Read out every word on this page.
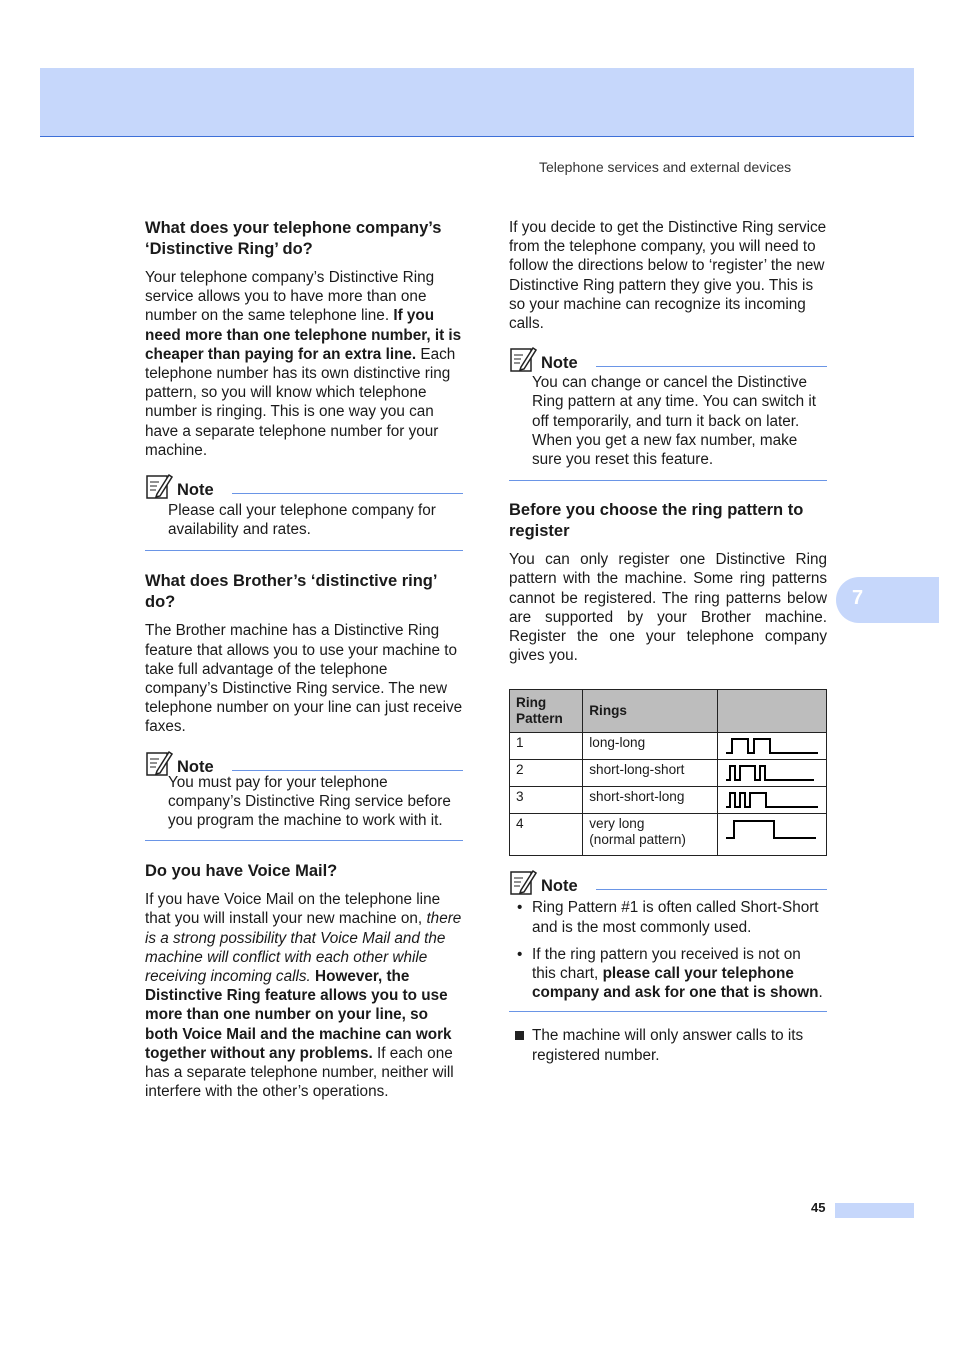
Telephone services and external devices
7
What does your telephone company’s ‘Distinctive Ring’ do?

Your telephone company’s Distinctive Ring service allows you to have more than one number on the same telephone line. If you need more than one telephone number, it is cheaper than paying for an extra line. Each telephone number has its own distinctive ring pattern, so you will know which telephone number is ringing. This is one way you can have a separate telephone number for your machine.

Note
Please call your telephone company for availability and rates.
What does Brother’s ‘distinctive ring’ do?

The Brother machine has a Distinctive Ring feature that allows you to use your machine to take full advantage of the telephone company’s Distinctive Ring service. The new telephone number on your line can just receive faxes.

Note
You must pay for your telephone company’s Distinctive Ring service before you program the machine to work with it.
Do you have Voice Mail?

If you have Voice Mail on the telephone line that you will install your new machine on, there is a strong possibility that Voice Mail and the machine will conflict with each other while receiving incoming calls. However, the Distinctive Ring feature allows you to use more than one number on your line, so both Voice Mail and the machine can work together without any problems. If each one has a separate telephone number, neither will interfere with the other’s operations.

If you decide to get the Distinctive Ring service from the telephone company, you will need to follow the directions below to ‘register’ the new Distinctive Ring pattern they give you. This is so your machine can recognize its incoming calls.

Note
You can change or cancel the Distinctive Ring pattern at any time. You can switch it off temporarily, and turn it back on later. When you get a new fax number, make sure you reset this feature.
Before you choose the ring pattern to register

You can only register one Distinctive Ring pattern with the machine. Some ring patterns cannot be registered. The ring patterns below are supported by your Brother machine. Register the one your telephone company gives you.

Ring Pattern	Rings	
1	long-long	

2	short-long-short	

3	short-short-long	

4	very long
(normal pattern)	
Note
• Ring Pattern #1 is often called Short-Short and is the most commonly used.
• If the ring pattern you received is not on this chart, please call your telephone company and ask for one that is shown.
The machine will only answer calls to its registered number.
45
